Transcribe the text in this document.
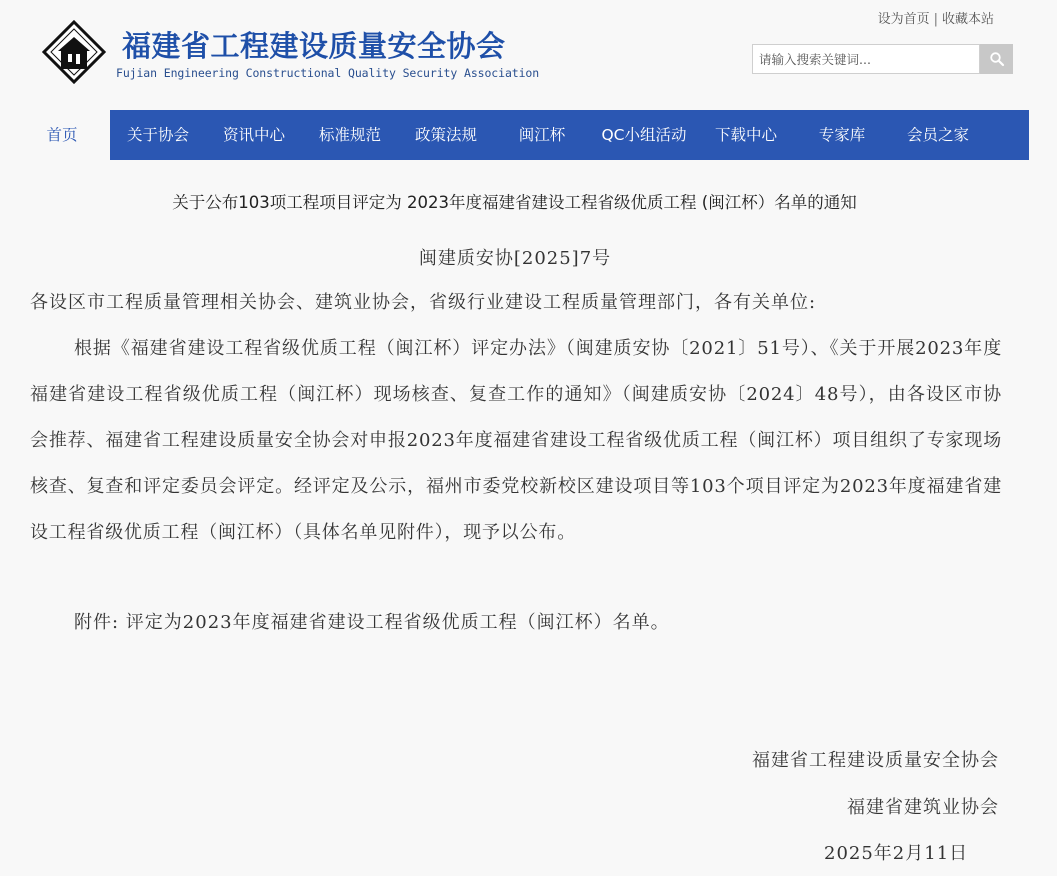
福建省工程建设质量安全协会
Fujian Engineering Constructional Quality Security Association
设为首页 | 收藏本站
请输入搜索关键词...
首页	关于协会	资讯中心	标准规范	政策法规	闽江杯	QC小组活动	下载中心	专家库	会员之家
关于公布103项工程项目评定为 2023年度福建省建设工程省级优质工程 (闽江杯）名单的通知
闽建质安协[2025]7号
各设区市工程质量管理相关协会、建筑业协会，省级行业建设工程质量管理部门，各有关单位:
根据《福建省建设工程省级优质工程（闽江杯）评定办法》（闽建质安协〔2021〕51号）、《关于开展2023年度福建省建设工程省级优质工程（闽江杯）现场核查、复查工作的通知》（闽建质安协〔2024〕48号），由各设区市协会推荐、福建省工程建设质量安全协会对申报2023年度福建省建设工程省级优质工程（闽江杯）项目组织了专家现场核查、复查和评定委员会评定。经评定及公示，福州市委党校新校区建设项目等103个项目评定为2023年度福建省建设工程省级优质工程（闽江杯）（具体名单见附件），现予以公布。
附件: 评定为2023年度福建省建设工程省级优质工程（闽江杯）名单。
福建省工程建设质量安全协会
福建省建筑业协会
2025年2月11日
